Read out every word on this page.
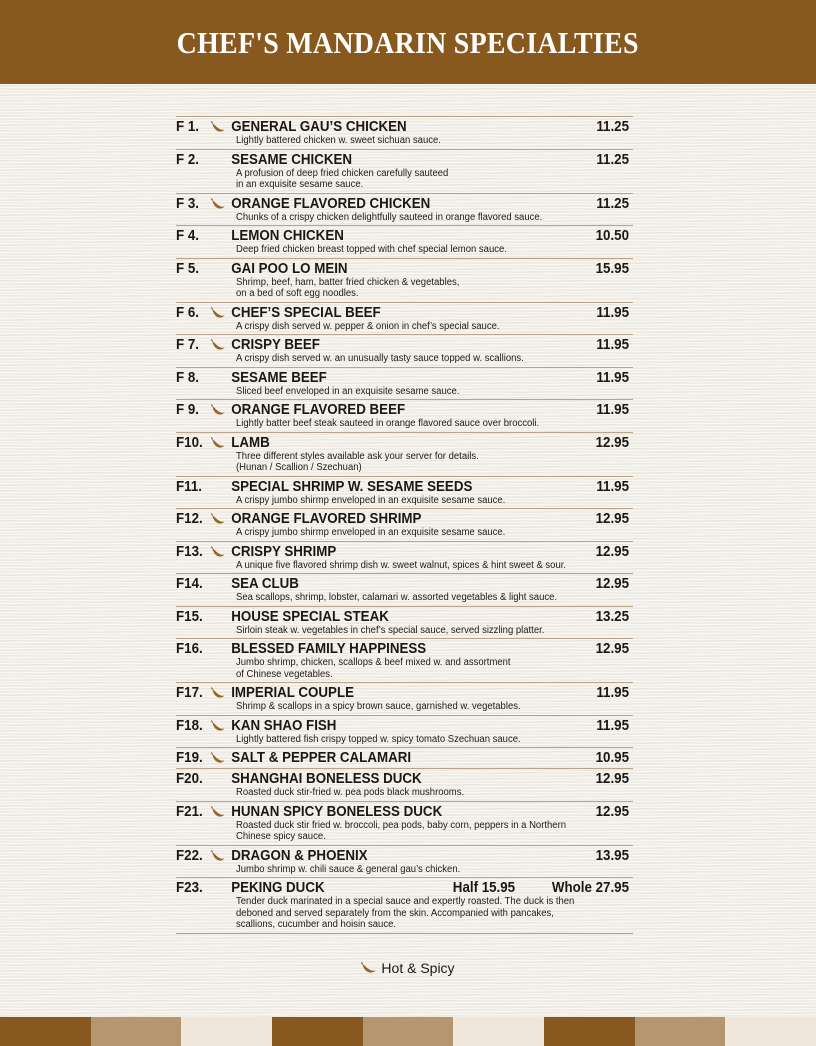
CHEF'S MANDARIN SPECIALTIES
F 1.	GENERAL GAU’S CHICKEN	11.25
Lightly battered chicken w. sweet sichuan sauce.
F 2.	SESAME CHICKEN	11.25
A profusion of deep fried chicken carefully sauteed
in an exquisite sesame sauce.
F 3.	ORANGE FLAVORED CHICKEN	11.25
Chunks of a crispy chicken delightfully sauteed in orange flavored sauce.
F 4.	LEMON CHICKEN	10.50
Deep fried chicken breast topped with chef special lemon sauce.
F 5.	GAI POO LO MEIN	15.95
Shrimp, beef, ham, batter fried chicken & vegetables,
on a bed of soft egg noodles.
F 6.	CHEF’S SPECIAL BEEF	11.95
A crispy dish served w. pepper & onion in chef’s special sauce.
F 7.	CRISPY BEEF	11.95
A crispy dish served w. an unusually tasty sauce topped w. scallions.
F 8.	SESAME BEEF	11.95
Sliced beef enveloped in an exquisite sesame sauce.
F 9.	ORANGE FLAVORED BEEF	11.95
Lightly batter beef steak sauteed in orange flavored sauce over broccoli.
F10.	LAMB	12.95
Three different styles available ask your server for details.
(Hunan / Scallion / Szechuan)
F11.	SPECIAL SHRIMP W. SESAME SEEDS	11.95
A crispy jumbo shirmp enveloped in an exquisite sesame sauce.
F12.	ORANGE FLAVORED SHRIMP	12.95
A crispy jumbo shirmp enveloped in an exquisite sesame sauce.
F13.	CRISPY SHRIMP	12.95
A unique five flavored shrimp dish w. sweet walnut, spices & hint sweet & sour.
F14.	SEA CLUB	12.95
Sea scallops, shrimp, lobster, calamari w. assorted vegetables & light sauce.
F15.	HOUSE SPECIAL STEAK	13.25
Sirloin steak w. vegetables in chef’s special sauce, served sizzling platter.
F16.	BLESSED FAMILY HAPPINESS	12.95
Jumbo shrimp, chicken, scallops & beef mixed w. and assortment
of Chinese vegetables.
F17.	IMPERIAL COUPLE	11.95
Shrimp & scallops in a spicy brown sauce, garnished w. vegetables.
F18.	KAN SHAO FISH	11.95
Lightly battered fish crispy topped w. spicy tomato Szechuan sauce.
F19.	SALT & PEPPER CALAMARI	10.95
F20.	SHANGHAI BONELESS DUCK	12.95
Roasted duck stir-fried w. pea pods black mushrooms.
F21.	HUNAN SPICY BONELESS DUCK	12.95
Roasted duck stir fried w. broccoli, pea pods, baby corn, peppers in a Northern
Chinese spicy sauce.
F22.	DRAGON & PHOENIX	13.95
Jumbo shrimp w. chili sauce & general gau’s chicken.
F23.	PEKING DUCK	Half 15.95	Whole 27.95
Tender duck marinated in a special sauce and expertly roasted. The duck is then
deboned and served separately from the skin. Accompanied with pancakes,
scallions, cucumber and hoisin sauce.
Hot & Spicy
